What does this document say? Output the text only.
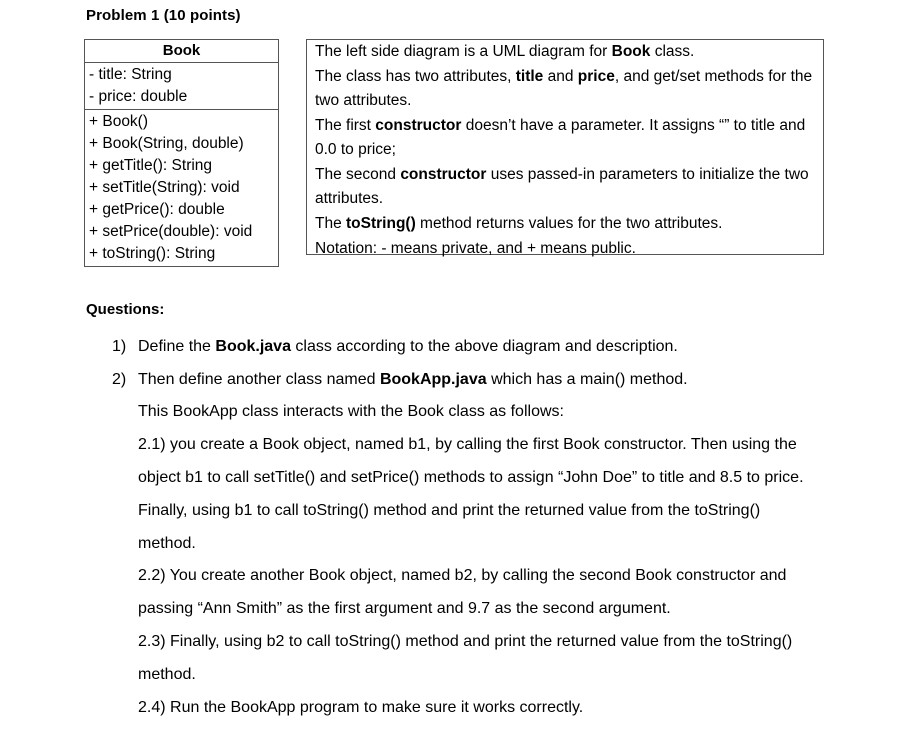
Problem 1 (10 points)
Book
- title: String
- price: double
+ Book()
+ Book(String, double)
+ getTitle(): String
+ setTitle(String): void
+ getPrice(): double
+ setPrice(double): void
+ toString(): String

The left side diagram is a UML diagram for Book class.

The class has two attributes, title and price, and get/set methods for the two attributes.

The first constructor doesn’t have a parameter. It assigns “” to title and 0.0 to price;

The second constructor uses passed-in parameters to initialize the two attributes.

The toString() method returns values for the two attributes.

Notation: - means private, and + means public.

Questions:
1) Define the Book.java class according to the above diagram and description.
2) Then define another class named BookApp.java which has a main() method.
This BookApp class interacts with the Book class as follows:
2.1) you create a Book object, named b1, by calling the first Book constructor. Then using the
object b1 to call setTitle() and setPrice() methods to assign “John Doe” to title and 8.5 to price.
Finally, using b1 to call toString() method and print the returned value from the toString()
method.
2.2) You create another Book object, named b2, by calling the second Book constructor and
passing “Ann Smith” as the first argument and 9.7 as the second argument.
2.3) Finally, using b2 to call toString() method and print the returned value from the toString()
method.
2.4) Run the BookApp program to make sure it works correctly.
